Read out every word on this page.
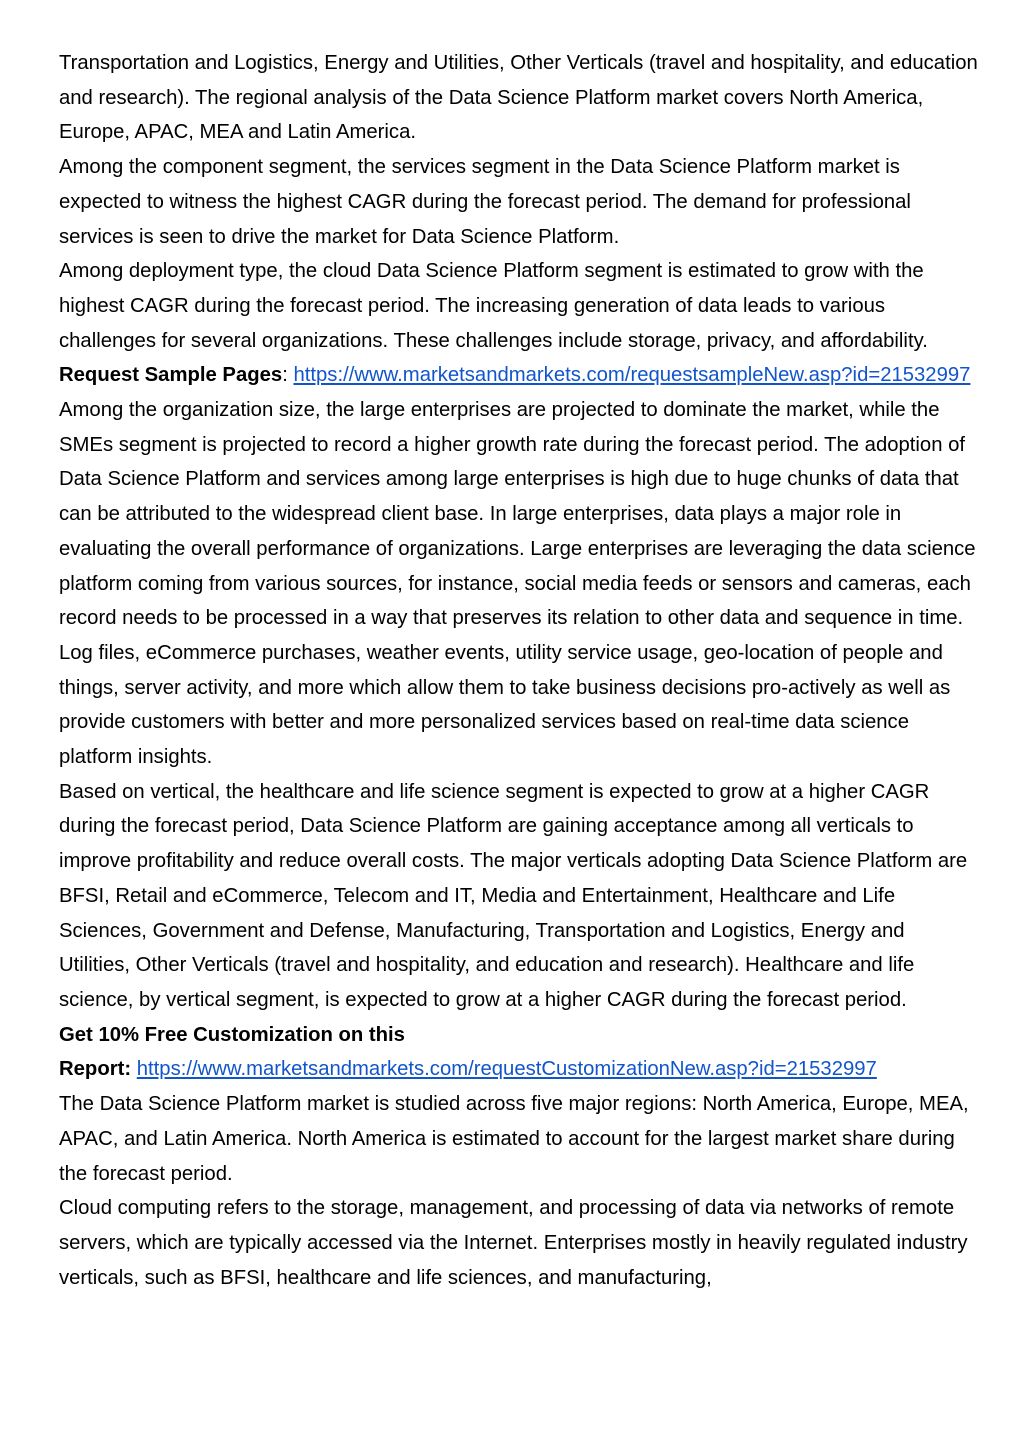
Transportation and Logistics, Energy and Utilities, Other Verticals (travel and hospitality, and education and research). The regional analysis of the Data Science Platform market covers North America, Europe, APAC, MEA and Latin America.

Among the component segment, the services segment in the Data Science Platform market is expected to witness the highest CAGR during the forecast period. The demand for professional services is seen to drive the market for Data Science Platform.

Among deployment type, the cloud Data Science Platform segment is estimated to grow with the highest CAGR during the forecast period. The increasing generation of data leads to various challenges for several organizations. These challenges include storage, privacy, and affordability.

Request Sample Pages: https://www.marketsandmarkets.com/requestsampleNew.asp?id=21532997

Among the organization size, the large enterprises are projected to dominate the market, while the SMEs segment is projected to record a higher growth rate during the forecast period. The adoption of Data Science Platform and services among large enterprises is high due to huge chunks of data that can be attributed to the widespread client base. In large enterprises, data plays a major role in evaluating the overall performance of organizations. Large enterprises are leveraging the data science platform coming from various sources, for instance, social media feeds or sensors and cameras, each record needs to be processed in a way that preserves its relation to other data and sequence in time. Log files, eCommerce purchases, weather events, utility service usage, geo-location of people and things, server activity, and more which allow them to take business decisions pro-actively as well as provide customers with better and more personalized services based on real-time data science platform insights.

Based on vertical, the healthcare and life science segment is expected to grow at a higher CAGR during the forecast period, Data Science Platform are gaining acceptance among all verticals to improve profitability and reduce overall costs. The major verticals adopting Data Science Platform are BFSI, Retail and eCommerce, Telecom and IT, Media and Entertainment, Healthcare and Life Sciences, Government and Defense, Manufacturing, Transportation and Logistics, Energy and Utilities, Other Verticals (travel and hospitality, and education and research). Healthcare and life science, by vertical segment, is expected to grow at a higher CAGR during the forecast period.

Get 10% Free Customization on this

Report: https://www.marketsandmarkets.com/requestCustomizationNew.asp?id=21532997

The Data Science Platform market is studied across five major regions: North America, Europe, MEA, APAC, and Latin America. North America is estimated to account for the largest market share during the forecast period.

Cloud computing refers to the storage, management, and processing of data via networks of remote servers, which are typically accessed via the Internet. Enterprises mostly in heavily regulated industry verticals, such as BFSI, healthcare and life sciences, and manufacturing,
